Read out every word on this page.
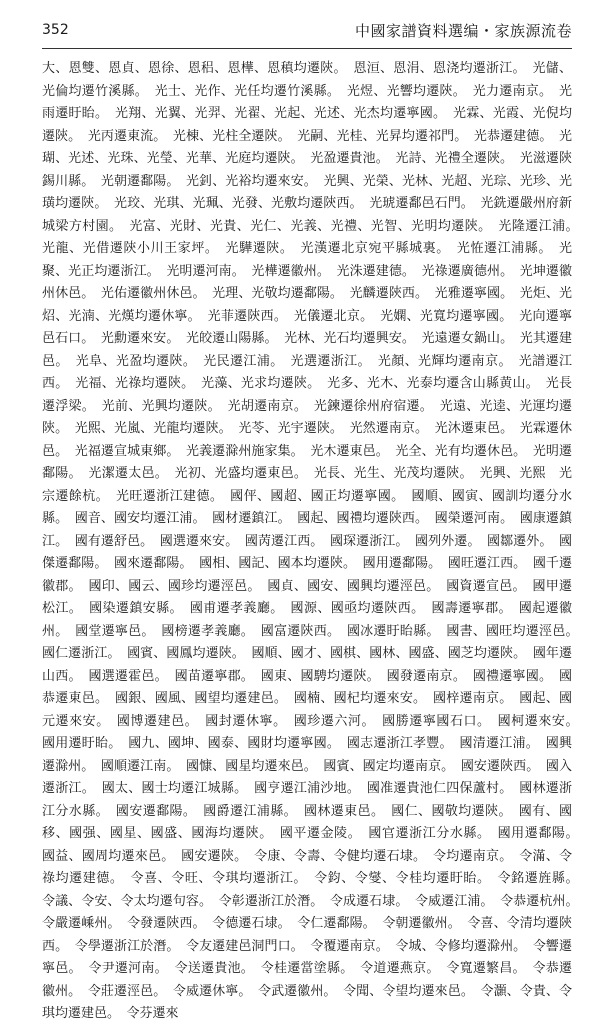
352	中國家譜資料選编・家族源流卷
大、恩雙、恩貞、恩徐、恩稆、恩樺、恩稹均遷陝。　恩洹、恩涓、恩浇均遷浙江。　光儲、光倫均遷竹溪縣。　光士、光作、光任均遷竹溪縣。　光煜、光響均遷陝。　光力遷南京。　光雨遷盱眙。　光翔、光翼、光羿、光翟、光起、光述、光杰均遷寧國。　光霖、光霞、光倪均遷陝。　光丙遷東流。　光棟、光柱全遷陝。　光嗣、光桂、光昇均遷祁門。　光恭遷建德。　光瑚、光述、光珠、光瑩、光華、光庭均遷陝。　光盈遷貴池。　光詩、光禮全遷陝。　光滋遷陝錫川縣。　光朝遷鄱陽。　光釗、光裕均遷來安。　光興、光榮、光林、光超、光琮、光珍、光璜均遷陝。　光珓、光琪、光珮、光發、光敷均遷陝西。　光琥遷鄱邑石門。　光銑遷嚴州府新城梁方村園。　光富、光財、光貴、光仁、光義、光禮、光智、光明均遷陝。　光隆遷江浦。　光龍、光借遷陝小川王家坪。　光驊遷陝。　光漢遷北京宛平縣城裏。　光恠遷江浦縣。　光聚、光正均遷浙江。　光明遷河南。　光樺遷徽州。　光洙遷建德。　光祿遷廣德州。　光坤遷徽州休邑。　光佑遷徽州休邑。　光理、光敬均遷鄱陽。　光麟遷陝西。　光雅遷寧國。　光炬、光炤、光湳、光熯均遷休寧。　光菲遷陝西。　光儀遷北京。　光嫻、光寬均遷寧國。　光向遷寧邑石口。　光勳遷來安。　光皎遷山陽縣。　光林、光石均遷興安。　光遠遷女鍋山。　光其遷建邑。　光阜、光盈均遷陝。　光民遷江浦。　光選遷浙江。　光顏、光輝均遷南京。　光譜遷江西。　光福、光祿均遷陝。　光藻、光求均遷陝。　光多、光木、光泰均遷含山縣黄山。　光長遷浮梁。　光前、光興均遷陝。　光胡遷南京。　光鍊遷徐州府宿遷。　光遠、光逵、光運均遷陝。　光熙、光嵐、光龍均遷陝。　光苓、光宇遷陝。　光然遷南京。　光沐遷東邑。　光霖遷休邑。　光福遷宣城東鄉。　光義遷滁州施家集。　光木遷東邑。　光全、光有均遷休邑。　光明遷鄱陽。　光潔遷太邑。　光初、光盛均遷東邑。　光長、光生、光茂均遷陝。　光興、光熙　光宗遷餘杭。　光旺遷浙江建德。　國伻、國超、國正均遷寧國。　國順、國寅、國訓均遷分水縣。　國音、國安均遷江浦。　國材遷鎮江。　國起、國禮均遷陝西。　國榮遷河南。　國康遷鎮江。　國有遷舒邑。　國選遷來安。　國苪遷江西。　國琛遷浙江。　國列外遷。　國鄒遷外。　國傑遷鄱陽。　國來遷鄱陽。　國相、國記、國本均遷陝。　國用遷鄱陽。　國旺遷江西。　國千遷徽郡。　國印、國云、國珍均遷涇邑。　國貞、國安、國興均遷涇邑。　國資遷宣邑。　國甲遷松江。　國染遷鎮安縣。　國甫遷孝義廳。　國源、國亟均遷陝西。　國壽遷寧郡。　國起遷徽州。　國堂遷寧邑。　國榜遷孝義廳。　國富遷陝西。　國冰遷盱眙縣。　國書、國旺均遷涇邑。　國仁遷浙江。　國賓、國鳳均遷陝。　國順、國才、國棋、國林、國盛、國芝均遷陝。　國年遷山西。　國選遷霍邑。　國苗遷寧郡。　國東、國騁均遷陝。　國發遷南京。　國禮遷寧國。　國恭遷東邑。　國銀、國風、國望均遷建邑。　國楠、國杞均遷來安。　國梓遷南京。　國起、國元遷來安。　國博遷建邑。　國封遷休寧。　國珍遷六河。　國勝遷寧國石口。　國柯遷來安。　國用遷盱眙。　國九、國坤、國泰、國財均遷寧國。　國志遷浙江孝豐。　國清遷江浦。　國興遷滁州。　國順遷江南。　國慷、國星均遷來邑。　國賓、國定均遷南京。　國安遷陝西。　國入遷浙江。　國太、國士均遷江城縣。　國亨遷江浦沙地。　國准遷貴池仁四保蘆村。　國林遷浙江分水縣。　國安遷鄱陽。　國爵遷江浦縣。　國林遷東邑。　國仁、國敬均遷陝。　國有、國移、國强、國星、國盛、國海均遷陝。　國平遷金陵。　國官遷浙江分水縣。　國用遷鄱陽。　國益、國周均遷來邑。　國安遷陝。　令康、令壽、令健均遷石埭。　令均遷南京。　令滿、令祿均遷建德。　令喜、令旺、令琪均遷浙江。　令鈞、令燮、令桂均遷盱眙。　令銘遷旌縣。　令議、令安、令太均遷句容。　令彰遷浙江於潛。　令成遷石埭。　令威遷江浦。　令恭遷杭州。　令嚴遷嵊州。　令發遷陝西。　令德遷石埭。　令仁遷鄱陽。　令朝遷徽州。　令喜、令清均遷陝西。　令學遷浙江於潛。　令友遷建邑洞門口。　令覆遷南京。　令城、令修均遷滁州。　令響遷寧邑。　令尹遷河南。　令送遷貴池。　令桂遷當塗縣。　令道遷燕京。　令寬遷繁昌。　令恭遷徽州。　令莊遷涇邑。　令威遷休寧。　令武遷徽州。　令聞、令望均遷來邑。　令灝、令貴、令琪均遷建邑。　令芬遷來
